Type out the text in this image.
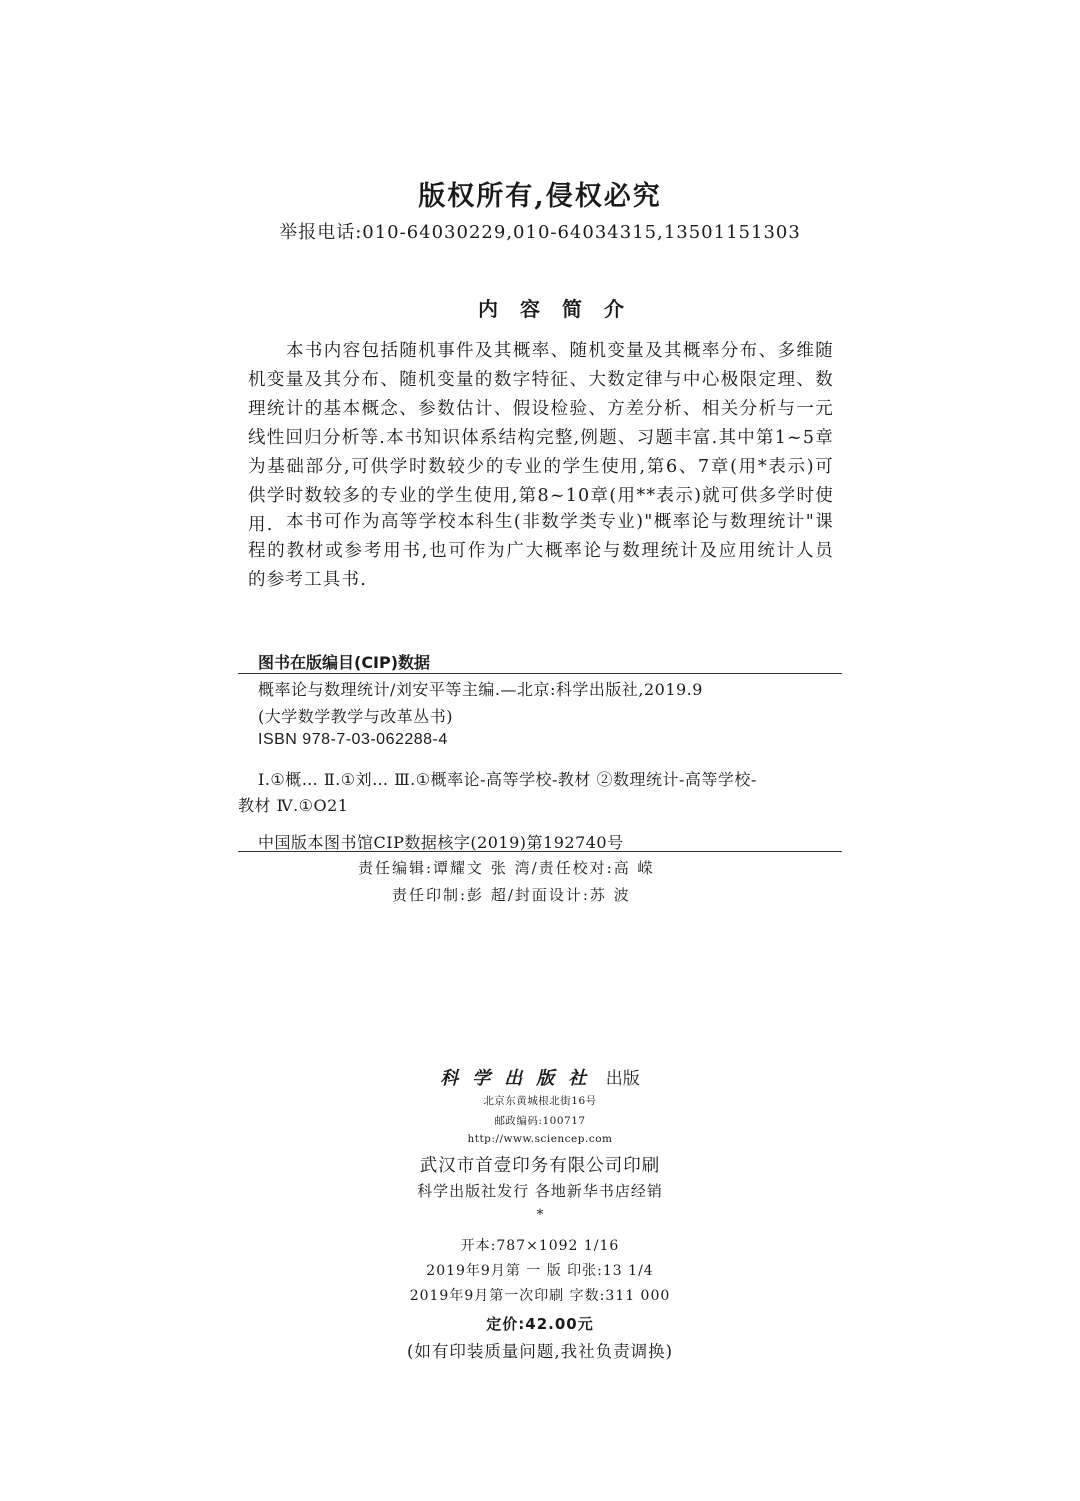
版权所有,侵权必究
举报电话:010-64030229,010-64034315,13501151303
内容简介
本书内容包括随机事件及其概率、随机变量及其概率分布、多维随机变量及其分布、随机变量的数字特征、大数定律与中心极限定理、数理统计的基本概念、参数估计、假设检验、方差分析、相关分析与一元线性回归分析等.本书知识体系结构完整,例题、习题丰富.其中第1~5章为基础部分,可供学时数较少的专业的学生使用,第6、7章(用*表示)可供学时数较多的专业的学生使用,第8~10章(用**表示)就可供多学时使用. 本书可作为高等学校本科生(非数学类专业)"概率论与数理统计"课程的教材或参考用书,也可作为广大概率论与数理统计及应用统计人员的参考工具书.
图书在版编目(CIP)数据
概率论与数理统计/刘安平等主编.—北京:科学出版社,2019.9
(大学数学教学与改革丛书)
ISBN 978-7-03-062288-4
Ⅰ.①概… Ⅱ.①刘… Ⅲ.①概率论-高等学校-教材 ②数理统计-高等学校-
教材 Ⅳ.①O21
中国版本图书馆CIP数据核字(2019)第192740号
责任编辑:谭耀文 张 湾/责任校对:高 嵘
责任印制:彭 超/封面设计:苏 波
科学出版社 出版
北京东黄城根北街16号
邮政编码:100717
http://www.sciencep.com
武汉市首壹印务有限公司印刷
科学出版社发行 各地新华书店经销
*
开本:787×1092 1/16
2019年9月第 一 版 印张:13 1/4
2019年9月第一次印刷 字数:311 000
定价:42.00元
(如有印装质量问题,我社负责调换)
